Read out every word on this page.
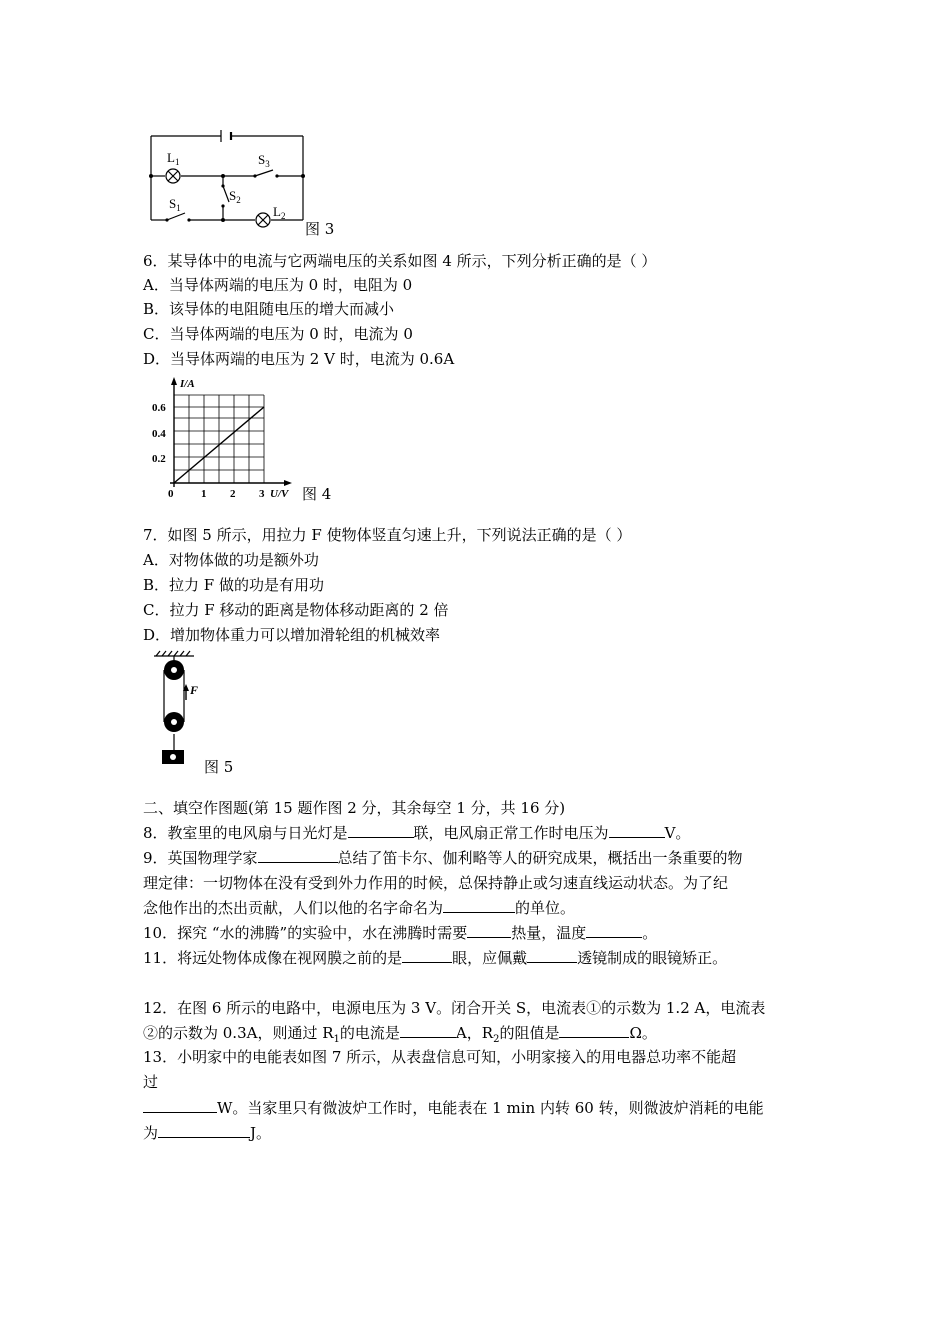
$L_1$	$S_3$
$S_2$
$S_1$	$L_2$
图 3
6．某导体中的电流与它两端电压的关系如图 4 所示，下列分析正确的是（ ）
A．当导体两端的电压为 0 时，电阻为 0
B．该导体的电阻随电压的增大而减小
C．当导体两端的电压为 0 时，电流为 0
D．当导体两端的电压为 2 V 时，电流为 0.6A
I/A
0.6
0.4
0.2
0	1 2 3 U/V 图 4
7．如图 5 所示，用拉力 F 使物体竖直匀速上升，下列说法正确的是（ ）
A．对物体做的功是额外功
B．拉力 F 做的功是有用功
C．拉力 F 移动的距离是物体移动距离的 2 倍
D．增加物体重力可以增加滑轮组的机械效率
F
图 5
二、填空作图题(第 15 题作图 2 分，其余每空 1 分，共 16 分)
8．教室里的电风扇与日光灯是	联，电风扇正常工作时电压为	V。
9．英国物理学家	总结了笛卡尔、伽利略等人的研究成果，概括出一条重要的物
理定律：一切物体在没有受到外力作用的时候，总保持静止或匀速直线运动状态。为了纪
念他作出的杰出贡献，人们以他的名字命名为	的单位。
10．探究 “水的沸腾”的实验中，水在沸腾时需要	热量，温度	。
11．将远处物体成像在视网膜之前的是	眼，应佩戴	透镜制成的眼镜矫正。
12．在图 6 所示的电路中，电源电压为 3 V。闭合开关 S，电流表①的示数为 1.2 A，电流表
②的示数为 0.3A，则通过 $R_1$的电流是	A，$R_2$的阻值是	Ω。
13．小明家中的电能表如图 7 所示，从表盘信息可知，小明家接入的用电器总功率不能超
过
W。当家里只有微波炉工作时，电能表在 1 min 内转 60 转，则微波炉消耗的电能
为	J。
